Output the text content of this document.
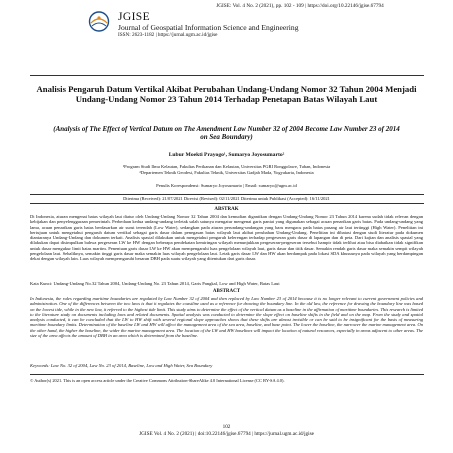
JGISE: Vol. 4 No. 2 (2021), pp. 102 - 109 | https://doi.org/10.22146/jgise.67794
JGISE
Journal of Geospatial Information Science and Engineering
ISSN: 2623-1182 | https://jurnal.ugm.ac.id/jgise
Analisis Pengaruh Datum Vertikal Akibat Perubahan Undang-Undang Nomor 32 Tahun 2004 Menjadi Undang-Undang Nomor 23 Tahun 2014 Terhadap Penetapan Batas Wilayah Laut
(Analysis of The Effect of Vertical Datum on The Amendment Law Number 32 of 2004 Become Law Number 23 of 2014 on Sea Boundary)
Lubur Moekti Prayogo¹, Sumaryo Joyosumarto²
¹Program Studi Ilmu Kelautan, Fakultas Perikanan dan Kelautan, Universitas PGRI Ronggolawe, Tuban, Indonesia
²Departemen Teknik Geodesi, Fakultas Teknik, Universitas Gadjah Mada, Yogyakarta, Indonesia
Penulis Korespondensi: Sumaryo Joyosumarto | Email: sumaryo@ugm.ac.id
Diterima (Received): 21/07/2021 Direvisi (Revised): 02/11/2021 Diterima untuk Publikasi (Accepted): 16/11/2021
ABSTRAK
Di Indonesia, aturan mengenai batas wilayah laut diatur oleh Undang-Undang Nomor 32 Tahun 2004 dan kemudian digantikan dengan Undang-Undang Nomor 23 Tahun 2014 karena sudah tidak relevan dengan kebijakan dan penyelenggaraan pemerintah. Perbedaan kedua undang-undang terletak salah satunya mengatur mengenai garis pantai yang digunakan sebagai acuan penarikan garis batas. Pada undang-undang yang lama, acuan penarikan garis batas berdasarkan air surut terendah (Low Water), sedangkan pada aturan perundang-undangan yang baru mengacu pada batas pasang air laut tertinggi (High Water). Penelitian ini bertujuan untuk mengetahui pengaruh datum vertikal sebagai garis dasar dalam penegasan batas wilayah laut akibat perubahan Undang-Undang. Penelitian ini dibatasi dengan studi literatur pada dokumen diantaranya Undang-Undang dan dokumen terkait. Analisis spasial dilakukan untuk mengetahui pengaruh kelerengan terhadap pergeseran garis dasar di lapangan dan di peta. Dari kajian dan analisis spasial yang dilakukan dapat disimpulkan bahwa pergeseran LW ke HW dengan beberapa pendekatan kemiringan wilayah menunjukkan pergeseran-pergeseran tersebut hampir tidak terlihat atau bisa diabaikan tidak signifikan untuk dasar mengukur limit batas martim. Penentuan garis dasar LW ke HW akan mempengaruhi luas pengelolaan wilayah laut, garis dasar dan titik dasar. Semakin rendah garis dasar maka semakin sempit wilayah pengelolaan laut. Sebaliknya, semakin tinggi garis dasar maka semakin luas wilayah pengelolaan laut. Letak garis dasar LW dan HW akan berdampak pada lokasi SDA khususnya pada wilayah yang berdampingan dekat dengan wilayah lain. Luas wilayah memperngaruhi besaran DBH pada suatu wilayah yang ditentukan dari garis dasar.
Kata Kunci: Undang-Undang No.32 Tahun 2004, Undang-Undang No. 23 Tahun 2014, Garis Pangkal, Low and High Water, Batas Laut
ABSTRACT
In Indonesia, the rules regarding maritime boundaries are regulated by Law Number 32 of 2004 and then replaced by Law Number 23 of 2014 because it is no longer relevant to current government policies and administration. One of the differences between the two laws is that it regulates the coastline used as a reference for drawing the boundary line. In the old law, the reference for drawing the boundary line was based on the lowest tide, while in the new law, it referred to the highest tide limit. This study aims to determine the effect of the vertical datum as a baseline in the affirmation of maritime boundaries. This research is limited to the literature study on documents including laws and related documents. Spatial analysis was conducted to determine the slope effect on baseline shifts in the field and on the map. From the study and spatial analysis conducted, it can be concluded that the LW to HW shift with several regional slope approaches shows that these shifts are almost invisible or can be said to be insignificant for the basis of measuring maritime boundary limits. Determination of the baseline LW and HW will affect the management area of the sea area, baseline, and base point. The lower the baseline, the narrower the marine management area. On the other hand, the higher the baseline, the wider the marine management area. The location of the LW and HW baselines will impact the location of natural resources, especially in areas adjacent to other areas. The size of the area affects the amount of DBH in an area which is determined from the baseline.
Keywords: Law No. 32 of 2004, Law No. 23 of 2014, Baseline, Low and High Water, Sea Boundary
© Author(s) 2021. This is an open access article under the Creative Commons Attribution-ShareAlike 4.0 International License (CC BY-SA 4.0).
102
JGISE Vol. 4 No. 2 (2021) | doi:10.22146/jgise.67794 | https://jurnal.ugm.ac.id/jgise
